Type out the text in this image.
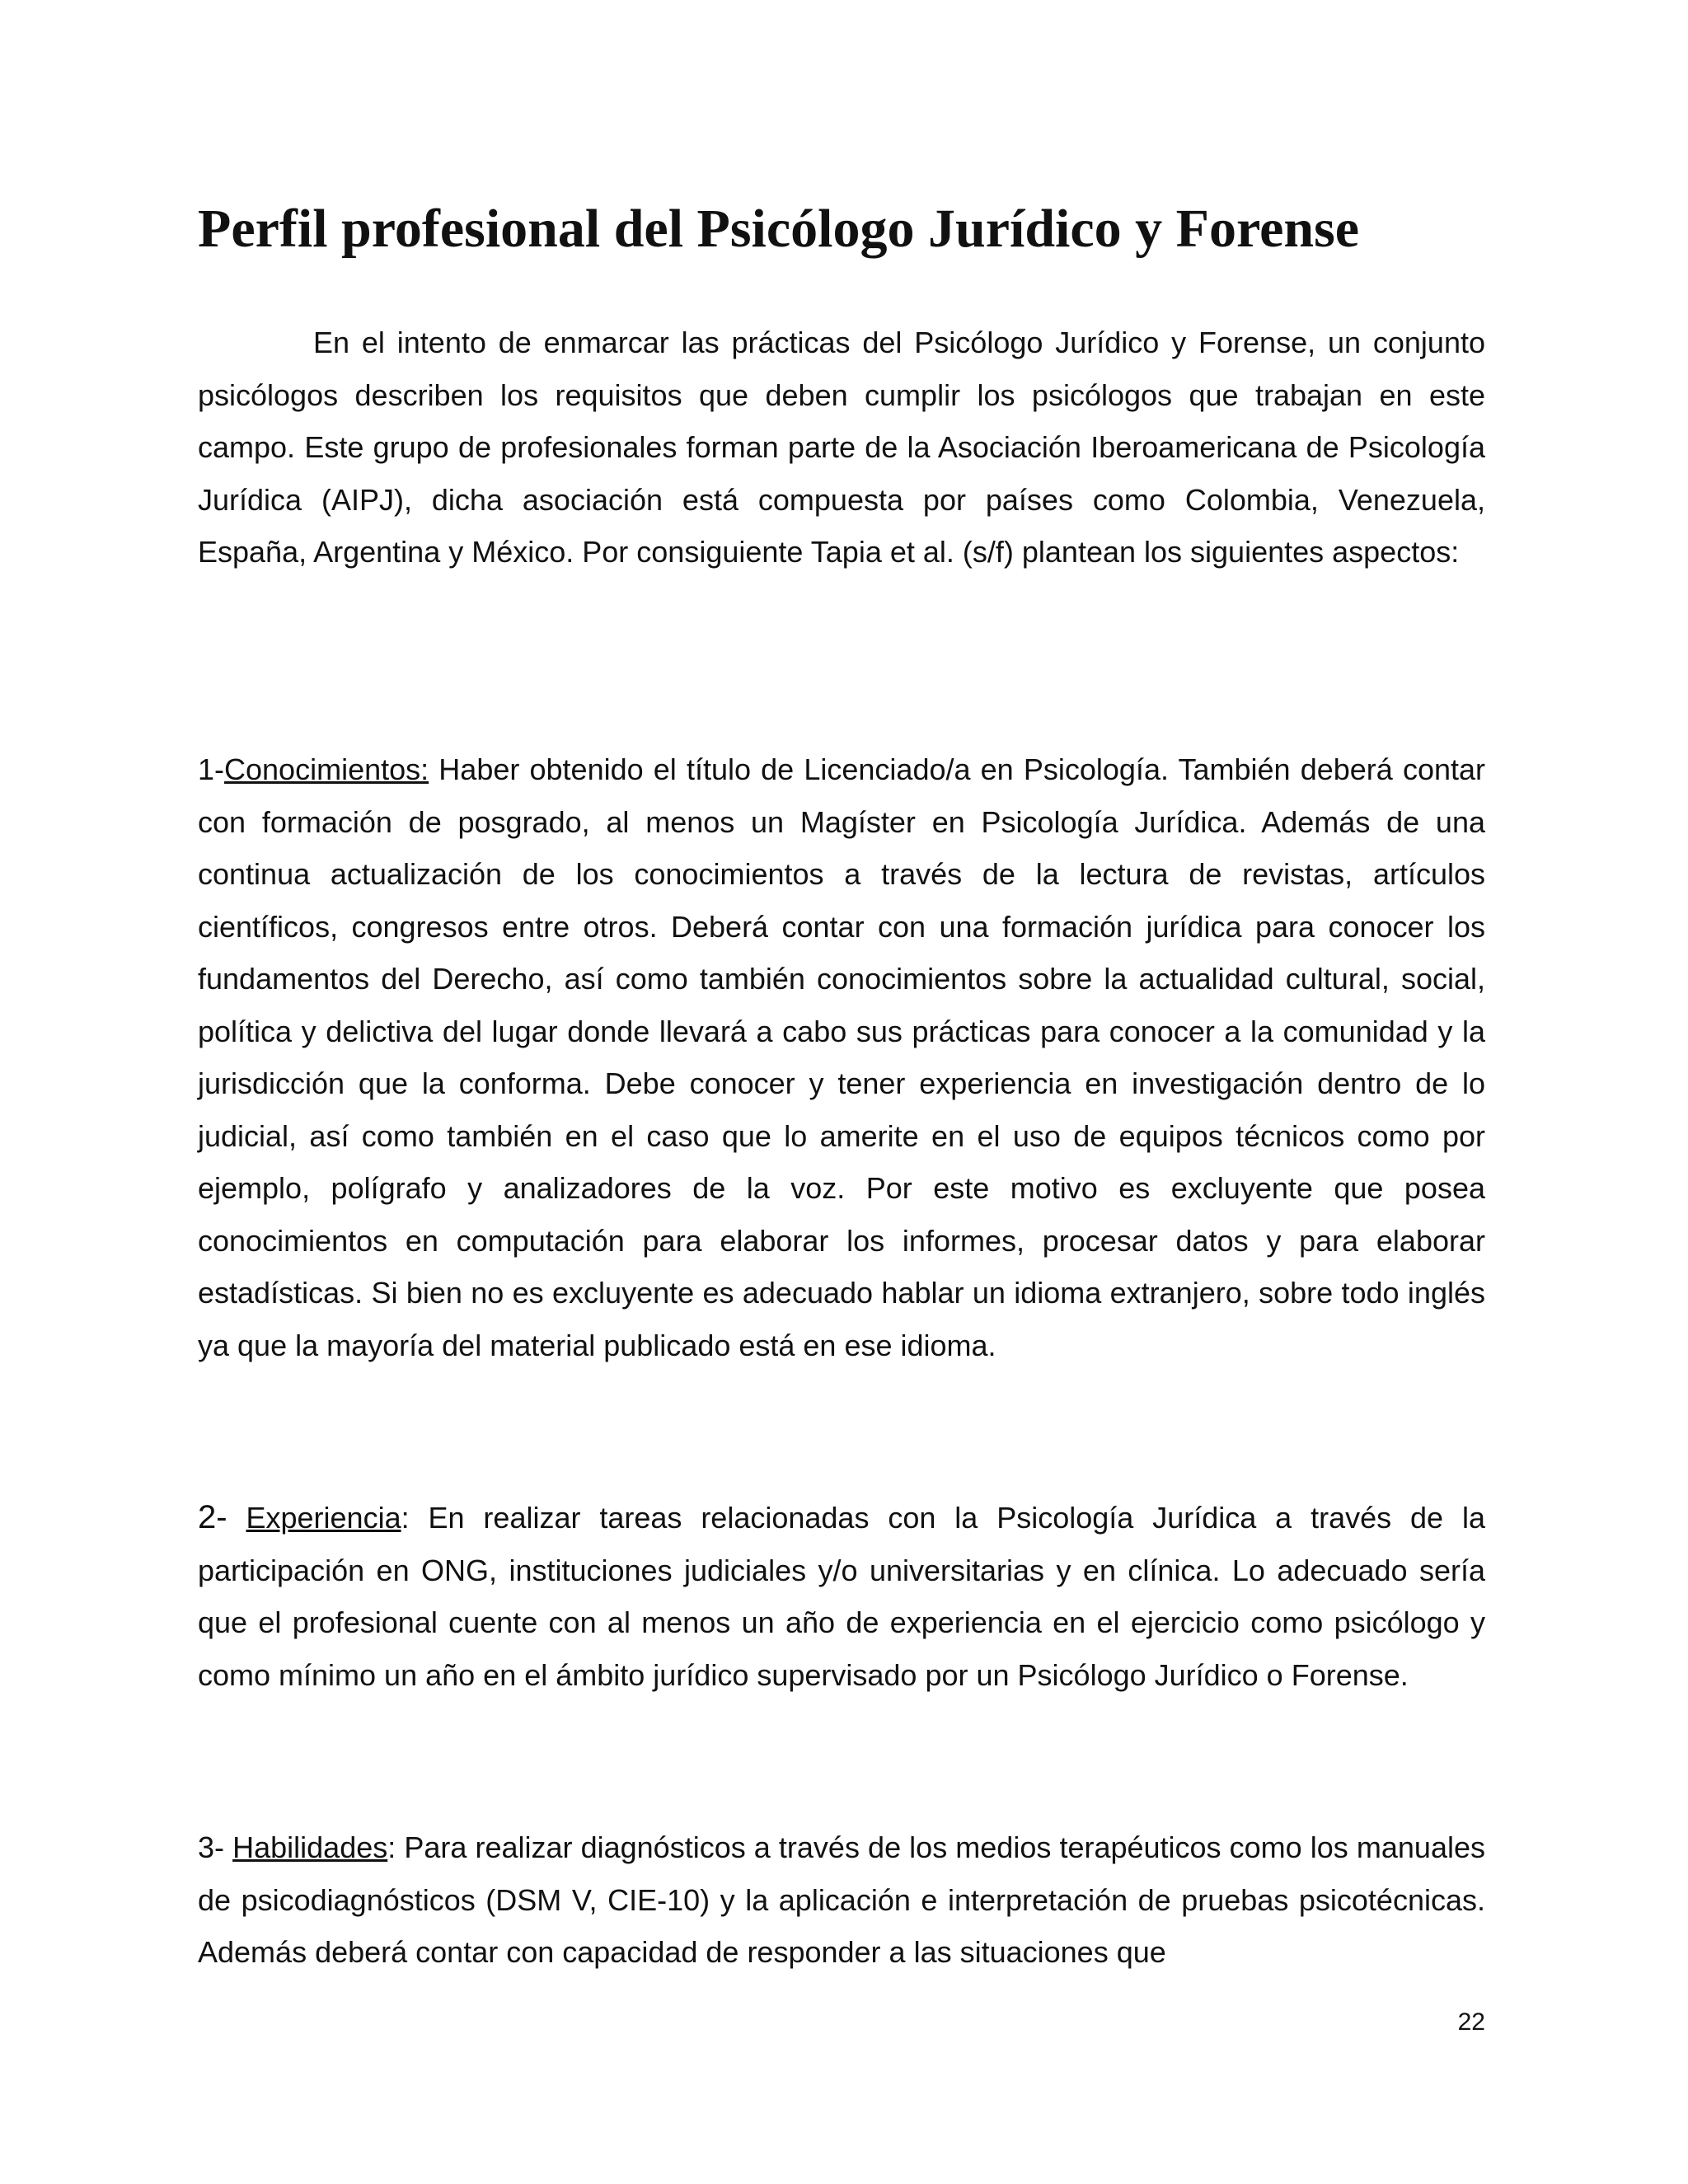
Perfil profesional del Psicólogo Jurídico y Forense

En el intento de enmarcar las prácticas del Psicólogo Jurídico y Forense, un conjunto psicólogos describen los requisitos que deben cumplir los psicólogos que trabajan en este campo. Este grupo de profesionales forman parte de la Asociación Iberoamericana de Psicología Jurídica (AIPJ), dicha asociación está compuesta por países como Colombia, Venezuela, España, Argentina y México. Por consiguiente Tapia et al. (s/f) plantean los siguientes aspectos:

1-Conocimientos: Haber obtenido el título de Licenciado/a en Psicología. También deberá contar con formación de posgrado, al menos un Magíster en Psicología Jurídica. Además de una continua actualización de los conocimientos a través de la lectura de revistas, artículos científicos, congresos entre otros. Deberá contar con una formación jurídica para conocer los fundamentos del Derecho, así como también conocimientos sobre la actualidad cultural, social, política y delictiva del lugar donde llevará a cabo sus prácticas para conocer a la comunidad y la jurisdicción que la conforma. Debe conocer y tener experiencia en investigación dentro de lo judicial, así como también en el caso que lo amerite en el uso de equipos técnicos como por ejemplo, polígrafo y analizadores de la voz. Por este motivo es excluyente que posea conocimientos en computación para elaborar los informes, procesar datos y para elaborar estadísticas. Si bien no es excluyente es adecuado hablar un idioma extranjero, sobre todo inglés ya que la mayoría del material publicado está en ese idioma.

2- Experiencia: En realizar tareas relacionadas con la Psicología Jurídica a través de la participación en ONG, instituciones judiciales y/o universitarias y en clínica. Lo adecuado sería que el profesional cuente con al menos un año de experiencia en el ejercicio como psicólogo y como mínimo un año en el ámbito jurídico supervisado por un Psicólogo Jurídico o Forense.

3- Habilidades: Para realizar diagnósticos a través de los medios terapéuticos como los manuales de psicodiagnósticos (DSM V, CIE-10) y la aplicación e interpretación de pruebas psicotécnicas. Además deberá contar con capacidad de responder a las situaciones que

22
